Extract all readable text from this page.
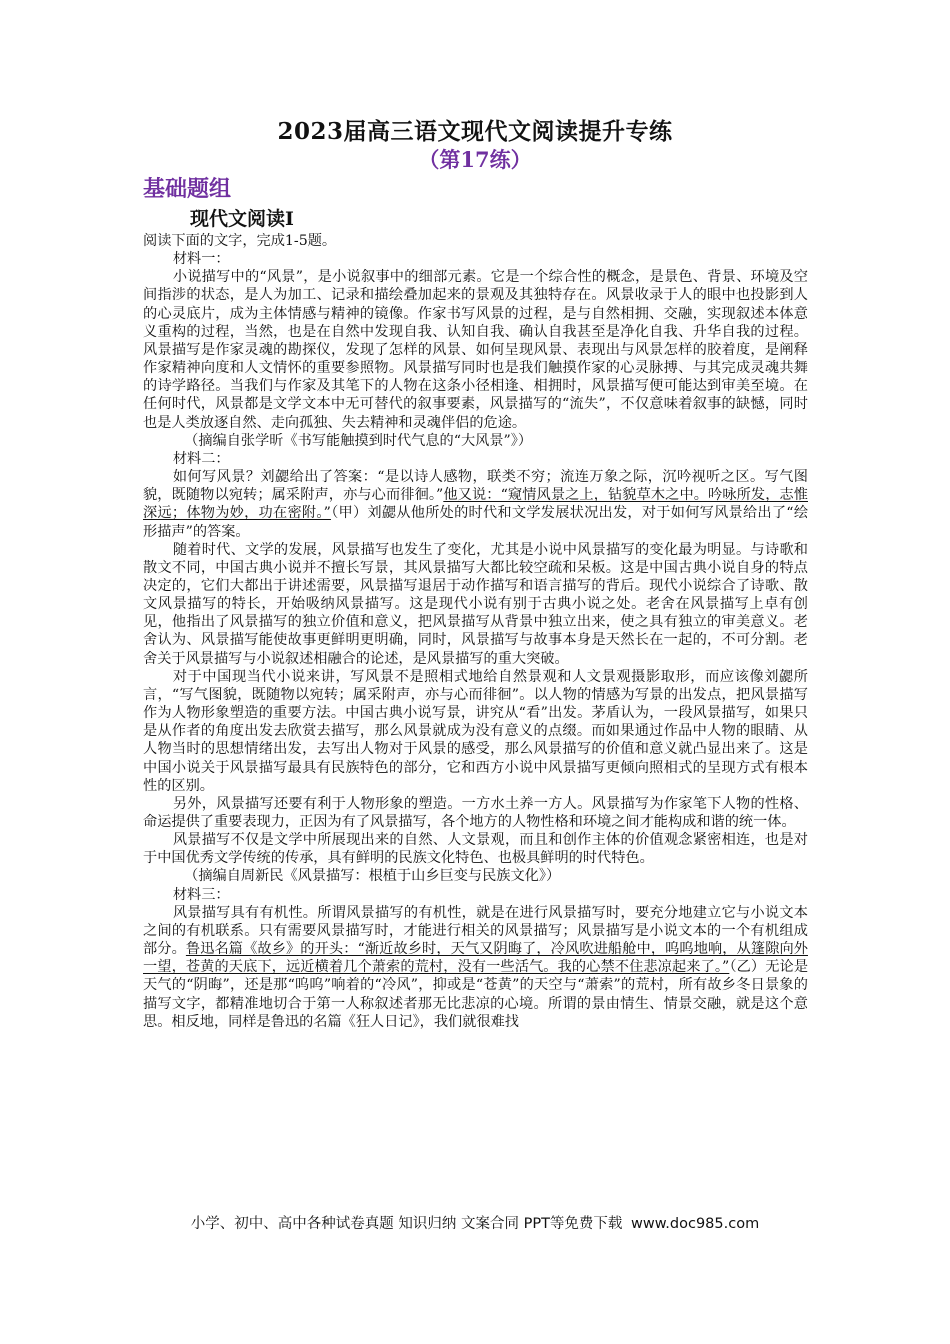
2023届高三语文现代文阅读提升专练
（第17练）
基础题组
现代文阅读Ⅰ

阅读下面的文字，完成1-5题。

材料一：

小说描写中的“风景”，是小说叙事中的细部元素。它是一个综合性的概念，是景色、背景、环境及空间指涉的状态，是人为加工、记录和描绘叠加起来的景观及其独特存在。风景收录于人的眼中也投影到人的心灵底片，成为主体情感与精神的镜像。作家书写风景的过程，是与自然相拥、交融，实现叙述本体意义重构的过程，当然，也是在自然中发现自我、认知自我、确认自我甚至是净化自我、升华自我的过程。风景描写是作家灵魂的勘探仪，发现了怎样的风景、如何呈现风景、表现出与风景怎样的胶着度，是阐释作家精神向度和人文情怀的重要参照物。风景描写同时也是我们触摸作家的心灵脉搏、与其完成灵魂共舞的诗学路径。当我们与作家及其笔下的人物在这条小径相逢、相拥时，风景描写便可能达到审美至境。在任何时代，风景都是文学文本中无可替代的叙事要素，风景描写的“流失”，不仅意味着叙事的缺憾，同时也是人类放逐自然、走向孤独、失去精神和灵魂伴侣的危途。

（摘编自张学昕《书写能触摸到时代气息的“大风景”》）

材料二：

如何写风景？刘勰给出了答案：“是以诗人感物，联类不穷；流连万象之际，沉吟视听之区。写气图貌，既随物以宛转；属采附声，亦与心而徘徊。”他又说：“窥情风景之上，钻貌草木之中。吟咏所发，志惟深远；体物为妙，功在密附。”（甲）刘勰从他所处的时代和文学发展状况出发，对于如何写风景给出了“绘形描声”的答案。

随着时代、文学的发展，风景描写也发生了变化，尤其是小说中风景描写的变化最为明显。与诗歌和散文不同，中国古典小说并不擅长写景，其风景描写大都比较空疏和呆板。这是中国古典小说自身的特点决定的，它们大都出于讲述需要，风景描写退居于动作描写和语言描写的背后。现代小说综合了诗歌、散文风景描写的特长，开始吸纳风景描写。这是现代小说有别于古典小说之处。老舍在风景描写上卓有创见，他指出了风景描写的独立价值和意义，把风景描写从背景中独立出来，使之具有独立的审美意义。老舍认为、风景描写能使故事更鲜明更明确，同时，风景描写与故事本身是天然长在一起的，不可分割。老舍关于风景描写与小说叙述相融合的论述，是风景描写的重大突破。

对于中国现当代小说来讲，写风景不是照相式地给自然景观和人文景观摄影取形，而应该像刘勰所言，“写气图貌，既随物以宛转；属采附声，亦与心而徘徊”。以人物的情感为写景的出发点，把风景描写作为人物形象塑造的重要方法。中国古典小说写景，讲究从“看”出发。茅盾认为，一段风景描写，如果只是从作者的角度出发去欣赏去描写，那么风景就成为没有意义的点缀。而如果通过作品中人物的眼睛、从人物当时的思想情绪出发，去写出人物对于风景的感受，那么风景描写的价值和意义就凸显出来了。这是中国小说关于风景描写最具有民族特色的部分，它和西方小说中风景描写更倾向照相式的呈现方式有根本性的区别。

另外，风景描写还要有利于人物形象的塑造。一方水土养一方人。风景描写为作家笔下人物的性格、命运提供了重要表现力，正因为有了风景描写，各个地方的人物性格和环境之间才能构成和谐的统一体。

风景描写不仅是文学中所展现出来的自然、人文景观，而且和创作主体的价值观念紧密相连，也是对于中国优秀文学传统的传承，具有鲜明的民族文化特色、也极具鲜明的时代特色。

（摘编自周新民《风景描写：根植于山乡巨变与民族文化》）

材料三：

风景描写具有有机性。所谓风景描写的有机性，就是在进行风景描写时，要充分地建立它与小说文本之间的有机联系。只有需要风景描写时，才能进行相关的风景描写；风景描写是小说文本的一个有机组成部分。鲁迅名篇《故乡》的开头：“渐近故乡时，天气又阴晦了，冷风吹进船舱中，呜呜地响，从篷隙向外一望，苍黄的天底下，远近横着几个萧索的荒村，没有一些活气。我的心禁不住悲凉起来了。”（乙）无论是天气的“阴晦”，还是那“呜呜”响着的“冷风”，抑或是“苍黄”的天空与“萧索”的荒村，所有故乡冬日景象的描写文字，都精准地切合于第一人称叙述者那无比悲凉的心境。所谓的景由情生、情景交融，就是这个意思。相反地，同样是鲁迅的名篇《狂人日记》，我们就很难找

小学、初中、高中各种试卷真题 知识归纳 文案合同 PPT等免费下载 www.doc985.com
